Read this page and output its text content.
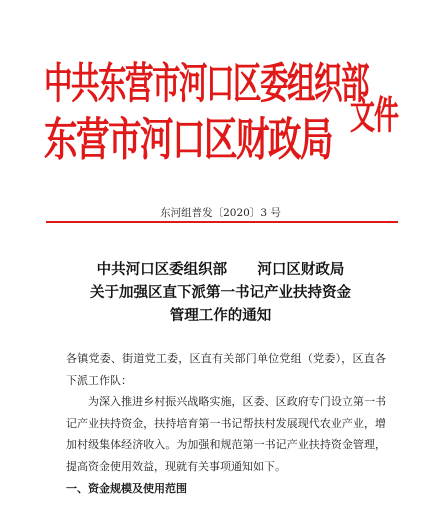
中共东营市河口区委组织部
东营市河口区财政局 文件
东河组普发〔2020〕3 号
中共河口区委组织部      河口区财政局
关于加强区直下派第一书记产业扶持资金
管理工作的通知

各镇党委、街道党工委，区直有关部门单位党组（党委），区直各下派工作队：

为深入推进乡村振兴战略实施，区委、区政府专门设立第一书记产业扶持资金，扶持培育第一书记帮扶村发展现代农业产业，增加村级集体经济收入。为加强和规范第一书记产业扶持资金管理，提高资金使用效益，现就有关事项通知如下。

一、资金规模及使用范围
